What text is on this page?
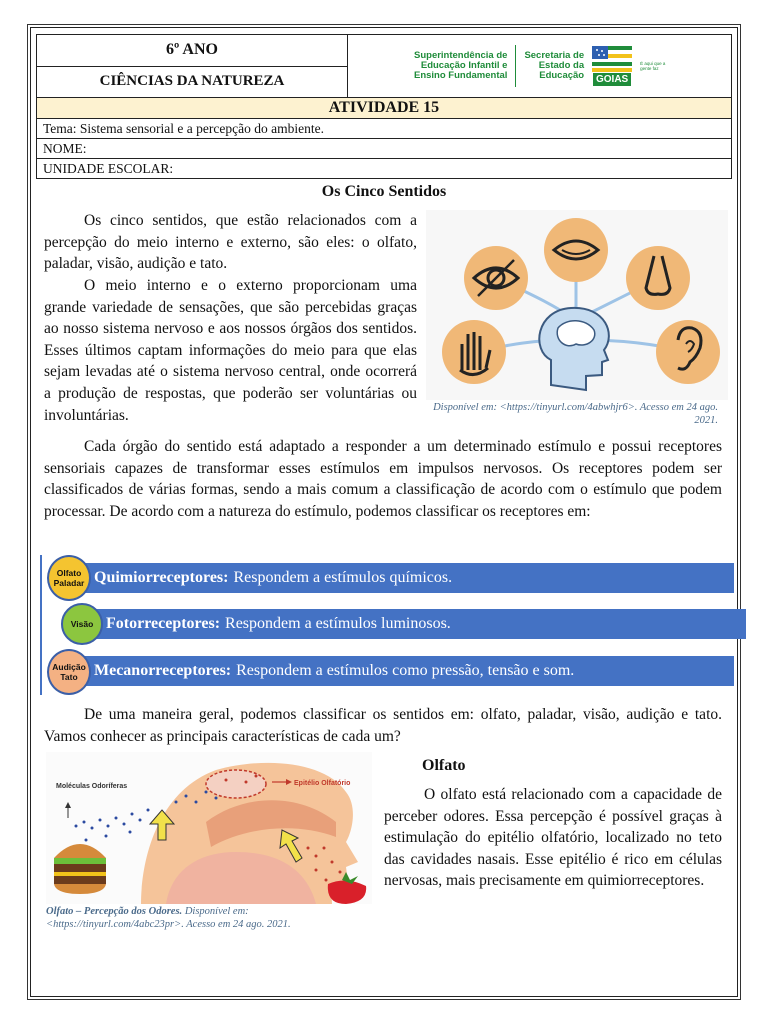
6º ANO
CIÊNCIAS DA NATUREZA
Superintendência de
Educação Infantil e
Ensino Fundamental
Secretaria de
Estado da
Educação	GOIAS
É aqui que a gente faz
ATIVIDADE 15
Tema: Sistema sensorial e a percepção do ambiente.
NOME:
UNIDADE ESCOLAR:
Os Cinco Sentidos

Os cinco sentidos, que estão relacionados com a percepção do meio interno e externo, são eles: o olfato, paladar, visão, audição e tato.

O meio interno e o externo proporcionam uma grande variedade de sensações, que são percebidas graças ao nosso sistema nervoso e aos nossos órgãos dos sentidos. Esses últimos captam informações do meio para que elas sejam levadas até o sistema nervoso central, onde ocorrerá a produção de respostas, que poderão ser voluntárias ou involuntárias.	Disponível em: <https://tinyurl.com/4abwhjr6>. Acesso em 24 ago. 2021.

Cada órgão do sentido está adaptado a responder a um determinado estímulo e possui receptores sensoriais capazes de transformar esses estímulos em impulsos nervosos. Os receptores podem ser classificados de várias formas, sendo a mais comum a classificação de acordo com o estímulo que podem processar. De acordo com a natureza do estímulo, podemos classificar os receptores em:

Quimiorreceptores: Respondem a estímulos químicos.
Olfato Paladar
Fotorreceptores: Respondem a estímulos luminosos.
Visão
Mecanorreceptores: Respondem a estímulos como pressão, tensão e som.
Audição Tato

De uma maneira geral, podemos classificar os sentidos em: olfato, paladar, visão, audição e tato. Vamos conhecer as principais características de cada um?

Moléculas Odoríferas	Epitélio Olfatório
Olfato – Percepção dos Odores. Disponível em: <https://tinyurl.com/4abc23pr>. Acesso em 24 ago. 2021.
Olfato

O olfato está relacionado com a capacidade de perceber odores. Essa percepção é possível graças à estimulação do epitélio olfatório, localizado no teto das cavidades nasais. Esse epitélio é rico em células nervosas, mais precisamente em quimiorreceptores.
